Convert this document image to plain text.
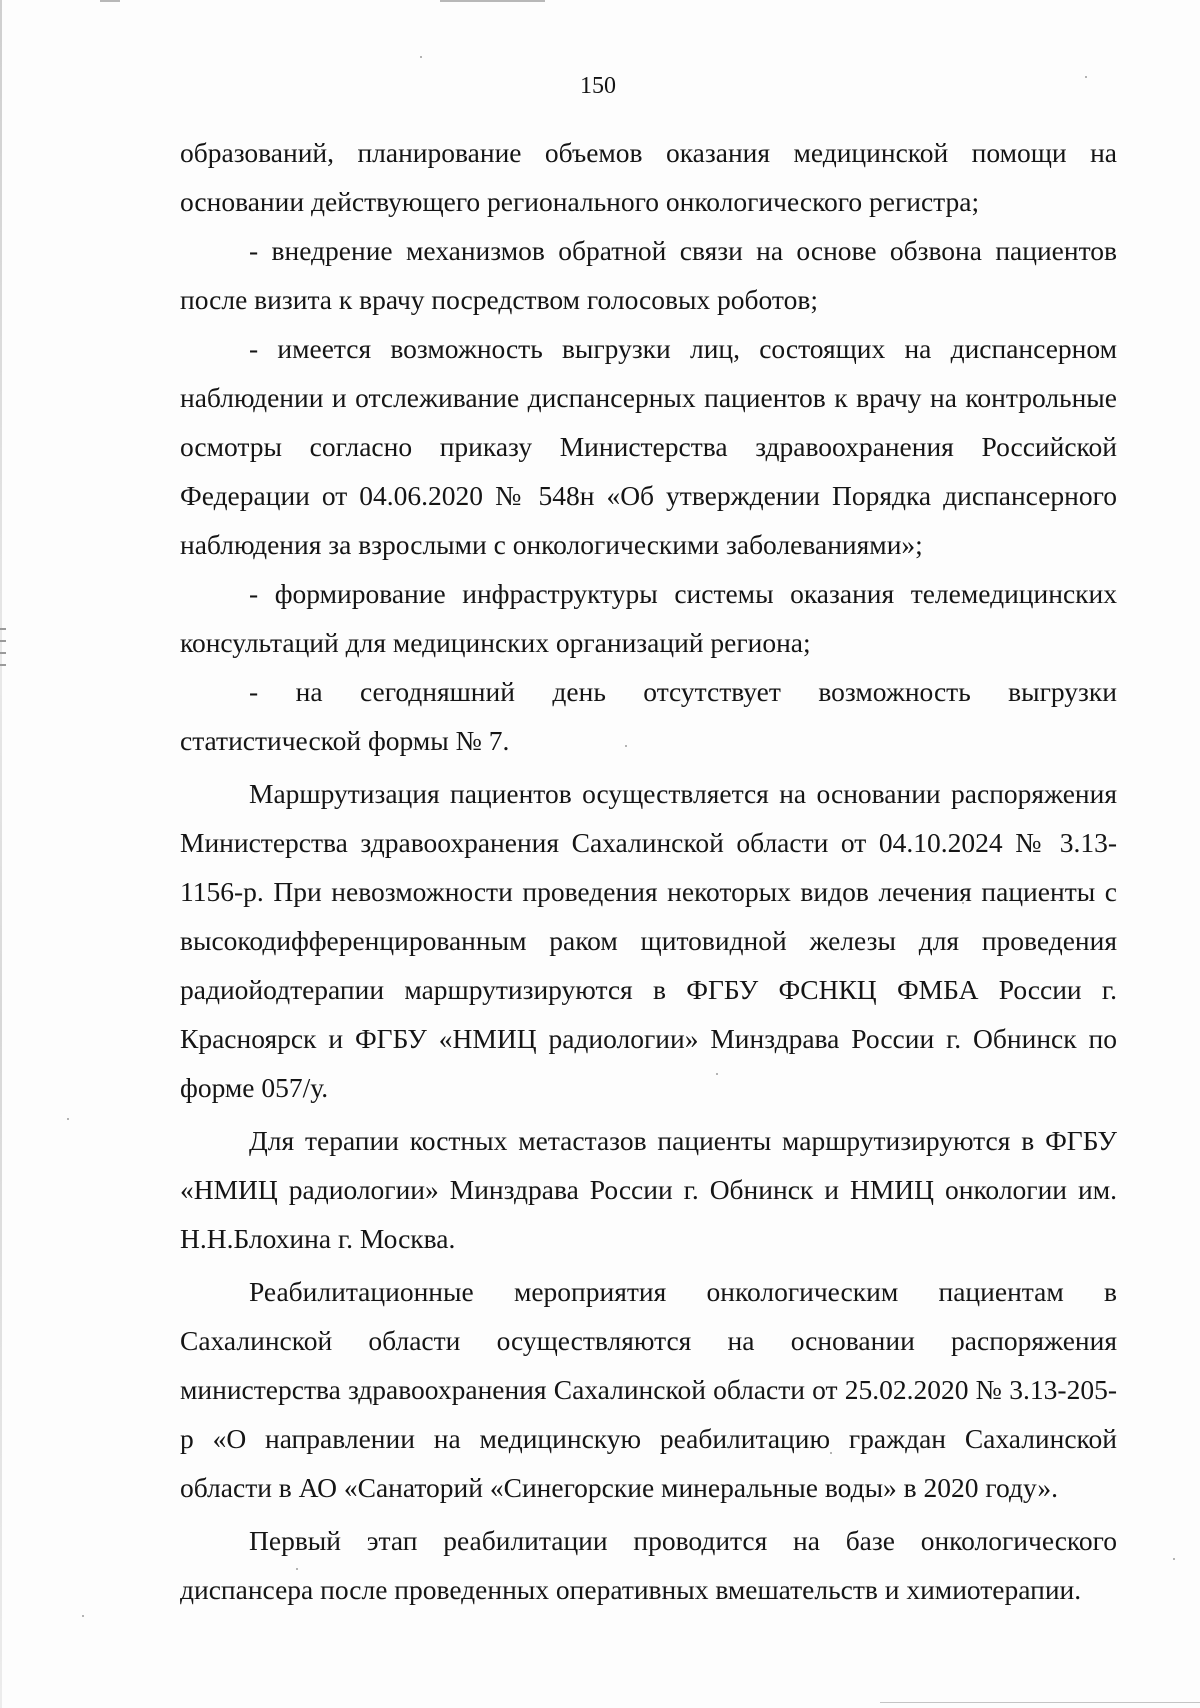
150

образований, планирование объемов оказания медицинской помощи на основании действующего регионального онкологического регистра;

- внедрение механизмов обратной связи на основе обзвона пациентов после визита к врачу посредством голосовых роботов;

- имеется возможность выгрузки лиц, состоящих на диспансерном наблюдении и отслеживание диспансерных пациентов к врачу на контрольные осмотры согласно приказу Министерства здравоохранения Российской Федерации от 04.06.2020 № 548н «Об утверждении Порядка диспансерного наблюдения за взрослыми с онкологическими заболеваниями»;

- формирование инфраструктуры системы оказания телемедицинских консультаций для медицинских организаций региона;

- на сегодняшний день отсутствует возможность выгрузки статистической формы № 7.

Маршрутизация пациентов осуществляется на основании распоряжения Министерства здравоохранения Сахалинской области от 04.10.2024 № 3.13-1156-р. При невозможности проведения некоторых видов лечения пациенты с высокодифференцированным раком щитовидной железы для проведения радиойодтерапии маршрутизируются в ФГБУ ФСНКЦ ФМБА России г. Красноярск и ФГБУ «НМИЦ радиологии» Минздрава России г. Обнинск по форме 057/у.

Для терапии костных метастазов пациенты маршрутизируются в ФГБУ «НМИЦ радиологии» Минздрава России г. Обнинск и НМИЦ онкологии им. Н.Н.Блохина г. Москва.

Реабилитационные мероприятия онкологическим пациентам в Сахалинской области осуществляются на основании распоряжения министерства здравоохранения Сахалинской области от 25.02.2020 № 3.13-205-р «О направлении на медицинскую реабилитацию граждан Сахалинской области в АО «Санаторий «Синегорские минеральные воды» в 2020 году».

Первый этап реабилитации проводится на базе онкологического диспансера после проведенных оперативных вмешательств и химиотерапии.
